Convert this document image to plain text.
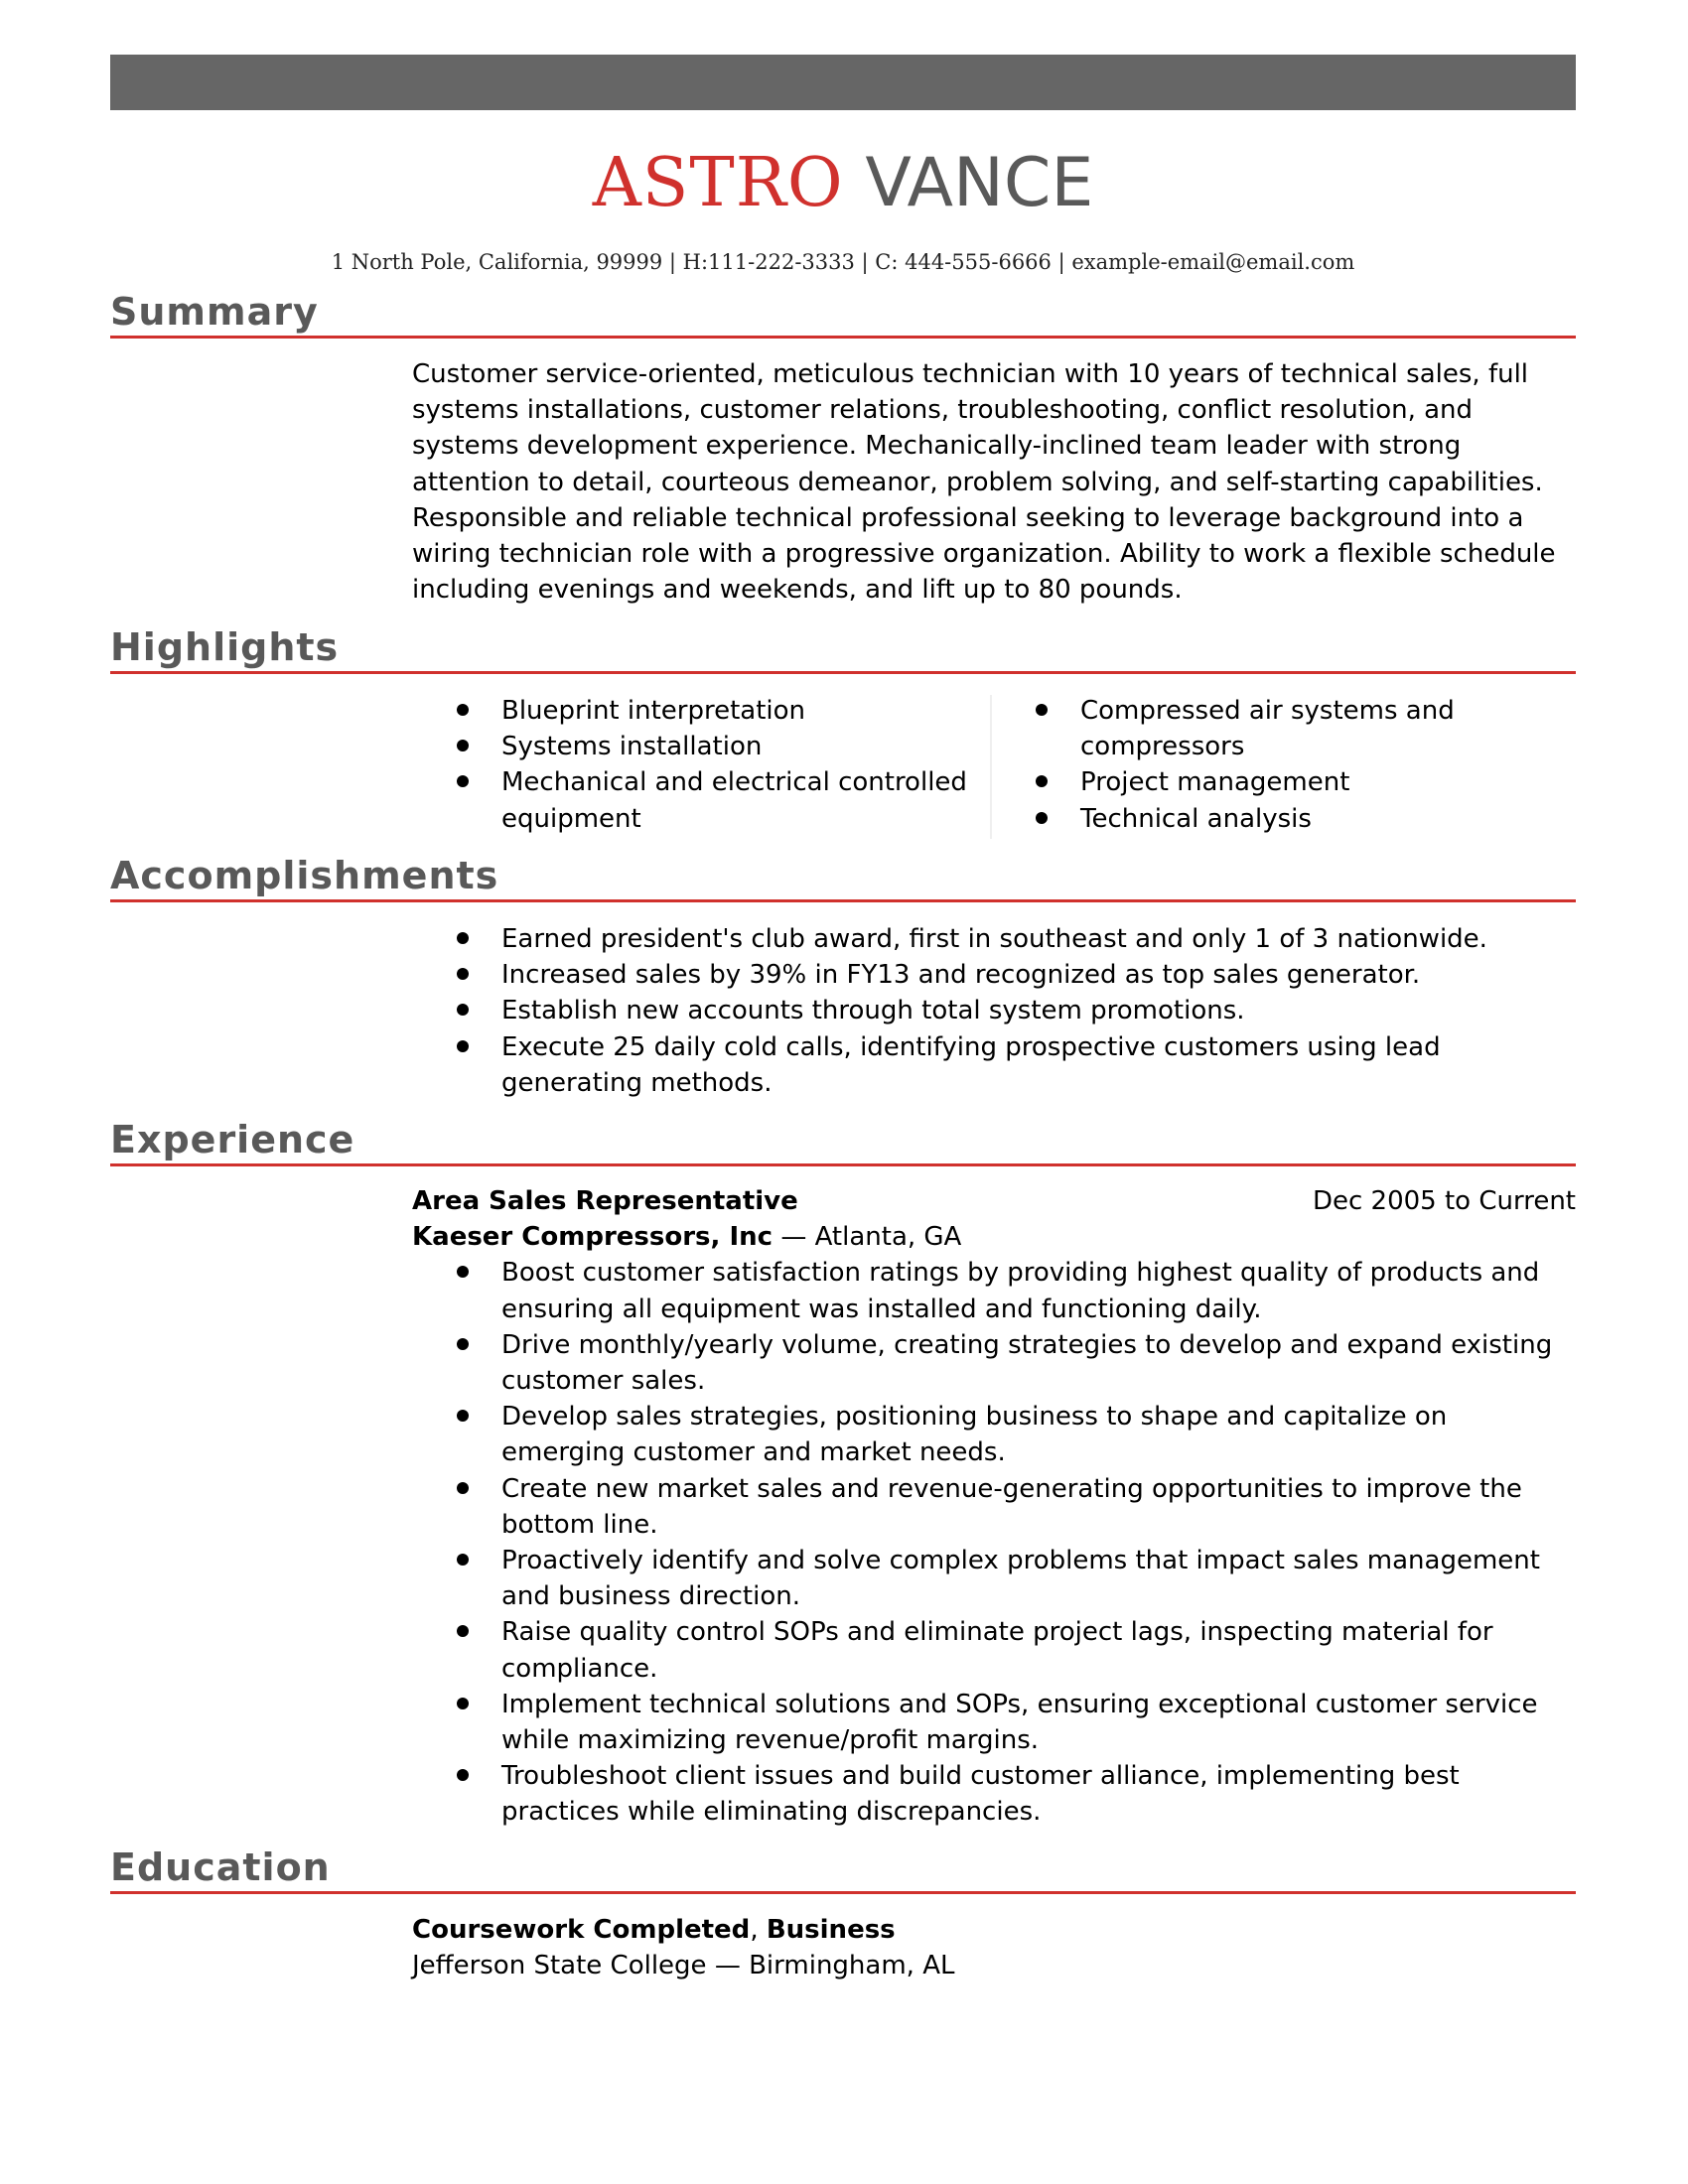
ASTRO VANCE
1 North Pole, California, 99999 | H:111-222-3333 | C: 444-555-6666 | example-email@email.com
Summary

Customer service-oriented, meticulous technician with 10 years of technical sales, full systems installations, customer relations, troubleshooting, conflict resolution, and systems development experience. Mechanically-inclined team leader with strong attention to detail, courteous demeanor, problem solving, and self-starting capabilities. Responsible and reliable technical professional seeking to leverage background into a wiring technician role with a progressive organization. Ability to work a flexible schedule including evenings and weekends, and lift up to 80 pounds.

Highlights
Blueprint interpretation
Systems installation
Mechanical and electrical controlled equipment
Compressed air systems and compressors
Project management
Technical analysis
Accomplishments
Earned president's club award, first in southeast and only 1 of 3 nationwide.
Increased sales by 39% in FY13 and recognized as top sales generator.
Establish new accounts through total system promotions.
Execute 25 daily cold calls, identifying prospective customers using lead generating methods.
Experience
Area Sales Representative	Dec 2005 to Current
Kaeser Compressors, Inc — Atlanta, GA
Boost customer satisfaction ratings by providing highest quality of products and ensuring all equipment was installed and functioning daily.
Drive monthly/yearly volume, creating strategies to develop and expand existing customer sales.
Develop sales strategies, positioning business to shape and capitalize on emerging customer and market needs.
Create new market sales and revenue-generating opportunities to improve the bottom line.
Proactively identify and solve complex problems that impact sales management and business direction.
Raise quality control SOPs and eliminate project lags, inspecting material for compliance.
Implement technical solutions and SOPs, ensuring exceptional customer service while maximizing revenue/profit margins.
Troubleshoot client issues and build customer alliance, implementing best practices while eliminating discrepancies.
Education
Coursework Completed, Business
Jefferson State College — Birmingham, AL
